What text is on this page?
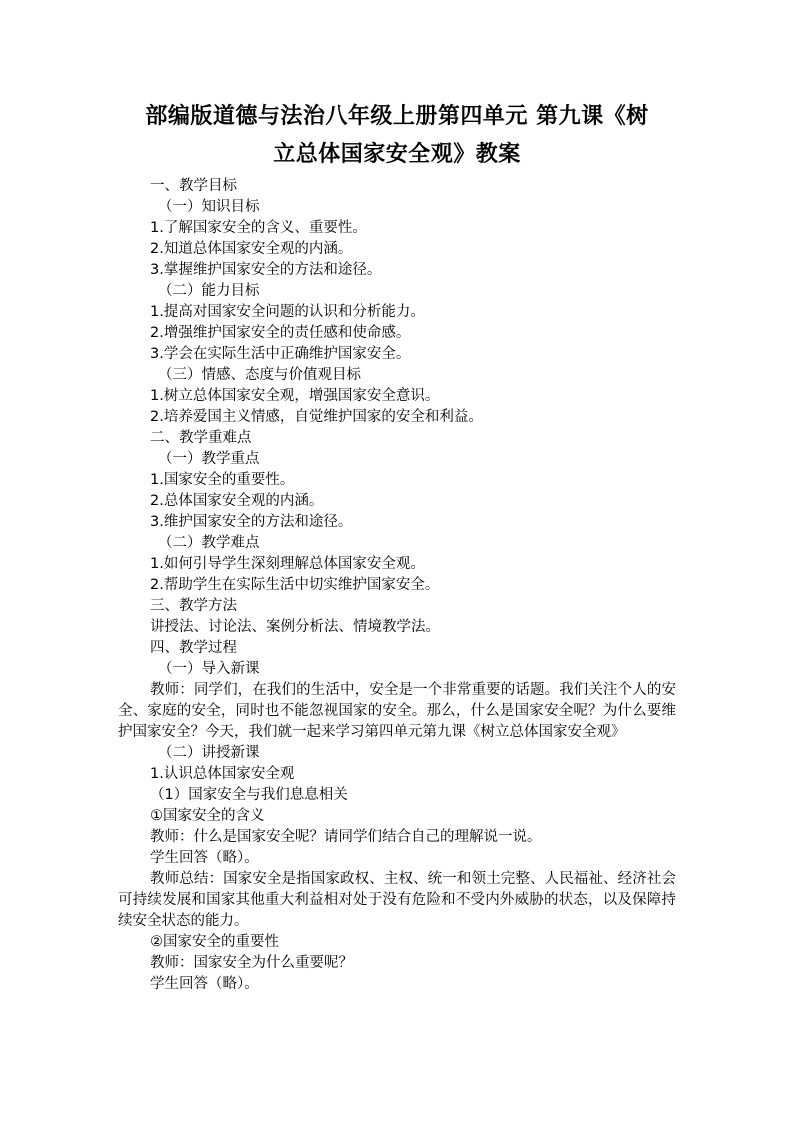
部编版道德与法治八年级上册第四单元 第九课《树
立总体国家安全观》教案

一、教学目标

（一）知识目标

1.了解国家安全的含义、重要性。

2.知道总体国家安全观的内涵。

3.掌握维护国家安全的方法和途径。

（二）能力目标

1.提高对国家安全问题的认识和分析能力。

2.增强维护国家安全的责任感和使命感。

3.学会在实际生活中正确维护国家安全。

（三）情感、态度与价值观目标

1.树立总体国家安全观，增强国家安全意识。

2.培养爱国主义情感，自觉维护国家的安全和利益。

二、教学重难点

（一）教学重点

1.国家安全的重要性。

2.总体国家安全观的内涵。

3.维护国家安全的方法和途径。

（二）教学难点

1.如何引导学生深刻理解总体国家安全观。

2.帮助学生在实际生活中切实维护国家安全。

三、教学方法

讲授法、讨论法、案例分析法、情境教学法。

四、教学过程

（一）导入新课

教师：同学们，在我们的生活中，安全是一个非常重要的话题。我们关注个人的安全、家庭的安全，同时也不能忽视国家的安全。那么，什么是国家安全呢？为什么要维护国家安全？今天，我们就一起来学习第四单元第九课《树立总体国家安全观》

（二）讲授新课

1.认识总体国家安全观

（1）国家安全与我们息息相关

①国家安全的含义

教师：什么是国家安全呢？请同学们结合自己的理解说一说。

学生回答（略）。

教师总结：国家安全是指国家政权、主权、统一和领土完整、人民福祉、经济社会可持续发展和国家其他重大利益相对处于没有危险和不受内外威胁的状态，以及保障持续安全状态的能力。

②国家安全的重要性

教师：国家安全为什么重要呢？

学生回答（略）。
